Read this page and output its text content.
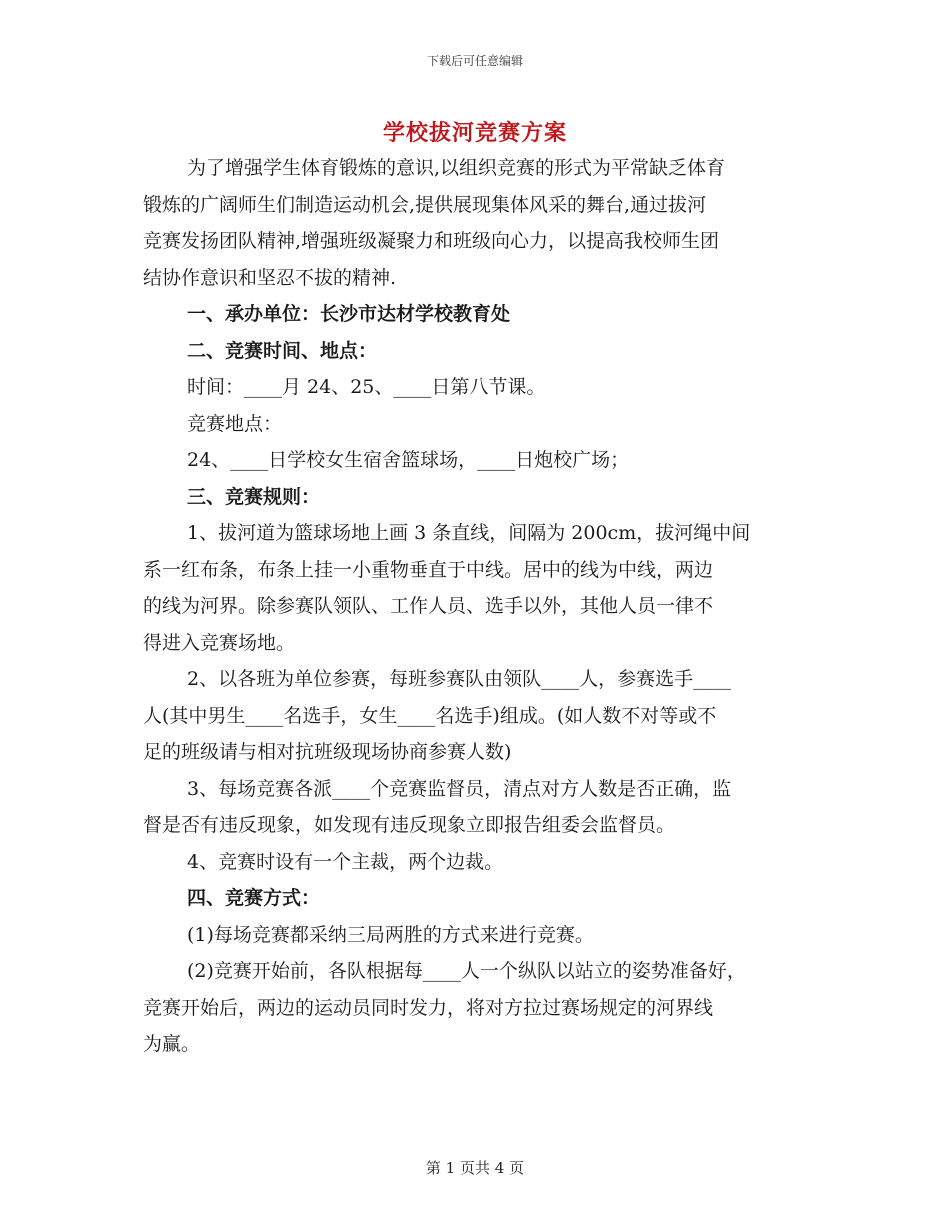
下载后可任意编辑
学校拔河竞赛方案

为了增强学生体育锻炼的意识,以组织竞赛的形式为平常缺乏体育

锻炼的广阔师生们制造运动机会,提供展现集体风采的舞台,通过拔河

竞赛发扬团队精神,增强班级凝聚力和班级向心力，以提高我校师生团

结协作意识和坚忍不拔的精神.

一、承办单位：长沙市达材学校教育处

二、竞赛时间、地点：

时间：____月 24、25、____日第八节课。

竞赛地点：

24、____日学校女生宿舍篮球场，____日炮校广场；

三、竞赛规则：

1、拔河道为篮球场地上画 3 条直线，间隔为 200cm，拔河绳中间

系一红布条，布条上挂一小重物垂直于中线。居中的线为中线，两边

的线为河界。除参赛队领队、工作人员、选手以外，其他人员一律不

得进入竞赛场地。

2、以各班为单位参赛，每班参赛队由领队____人，参赛选手____

人(其中男生____名选手，女生____名选手)组成。(如人数不对等或不

足的班级请与相对抗班级现场协商参赛人数)

3、每场竞赛各派____个竞赛监督员，清点对方人数是否正确，监

督是否有违反现象，如发现有违反现象立即报告组委会监督员。

4、竞赛时设有一个主裁，两个边裁。

四、竞赛方式：

(1)每场竞赛都采纳三局两胜的方式来进行竞赛。

(2)竞赛开始前，各队根据每____人一个纵队以站立的姿势准备好，

竞赛开始后，两边的运动员同时发力，将对方拉过赛场规定的河界线

为赢。

第 1 页共 4 页
